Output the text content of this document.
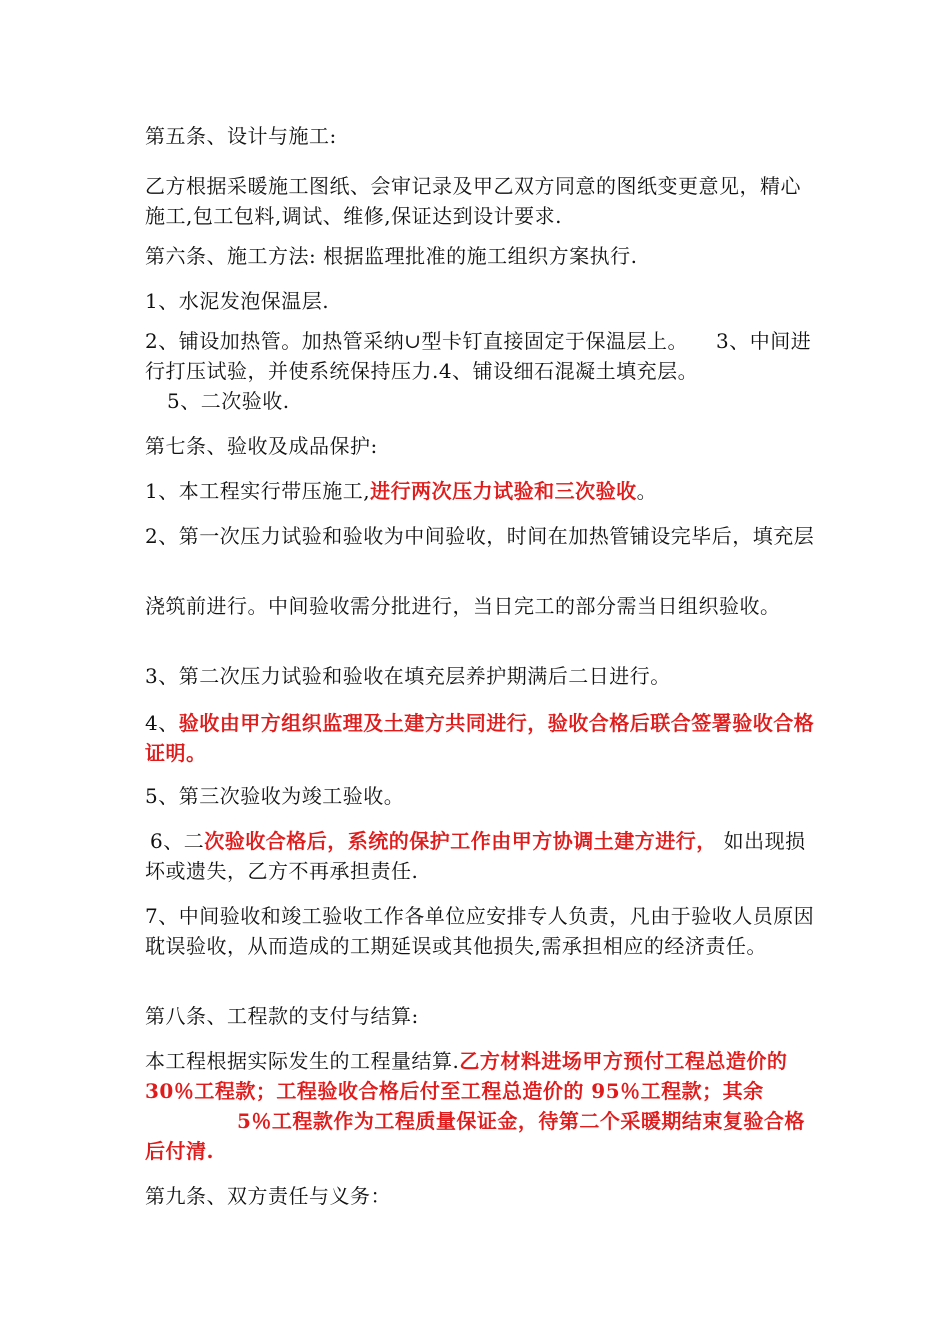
第五条、设计与施工:

乙方根据采暖施工图纸、会审记录及甲乙双方同意的图纸变更意见，精心施工,包工包料,调试、维修,保证达到设计要求.

第六条、施工方法: 根据监理批准的施工组织方案执行.

1、水泥发泡保温层.

2、铺设加热管。加热管采纳∪型卡钉直接固定于保温层上。 3、中间进行打压试验，并使系统保持压力.4、铺设细石混凝土填充层。
5、二次验收.

第七条、验收及成品保护:

1、本工程实行带压施工,进行两次压力试验和三次验收。

2、第一次压力试验和验收为中间验收，时间在加热管铺设完毕后，填充层

浇筑前进行。中间验收需分批进行，当日完工的部分需当日组织验收。

3、第二次压力试验和验收在填充层养护期满后二日进行。

4、验收由甲方组织监理及土建方共同进行，验收合格后联合签署验收合格证明。

5、第三次验收为竣工验收。

6、二次验收合格后，系统的保护工作由甲方协调土建方进行， 如出现损坏或遗失，乙方不再承担责任.

7、中间验收和竣工验收工作各单位应安排专人负责，凡由于验收人员原因耽误验收，从而造成的工期延误或其他损失,需承担相应的经济责任。

第八条、工程款的支付与结算:

本工程根据实际发生的工程量结算.乙方材料进场甲方预付工程总造价的 30％工程款；工程验收合格后付至工程总造价的 95％工程款；其余5％工程款作为工程质量保证金，待第二个采暖期结束复验合格后付清.

第九条、双方责任与义务：
